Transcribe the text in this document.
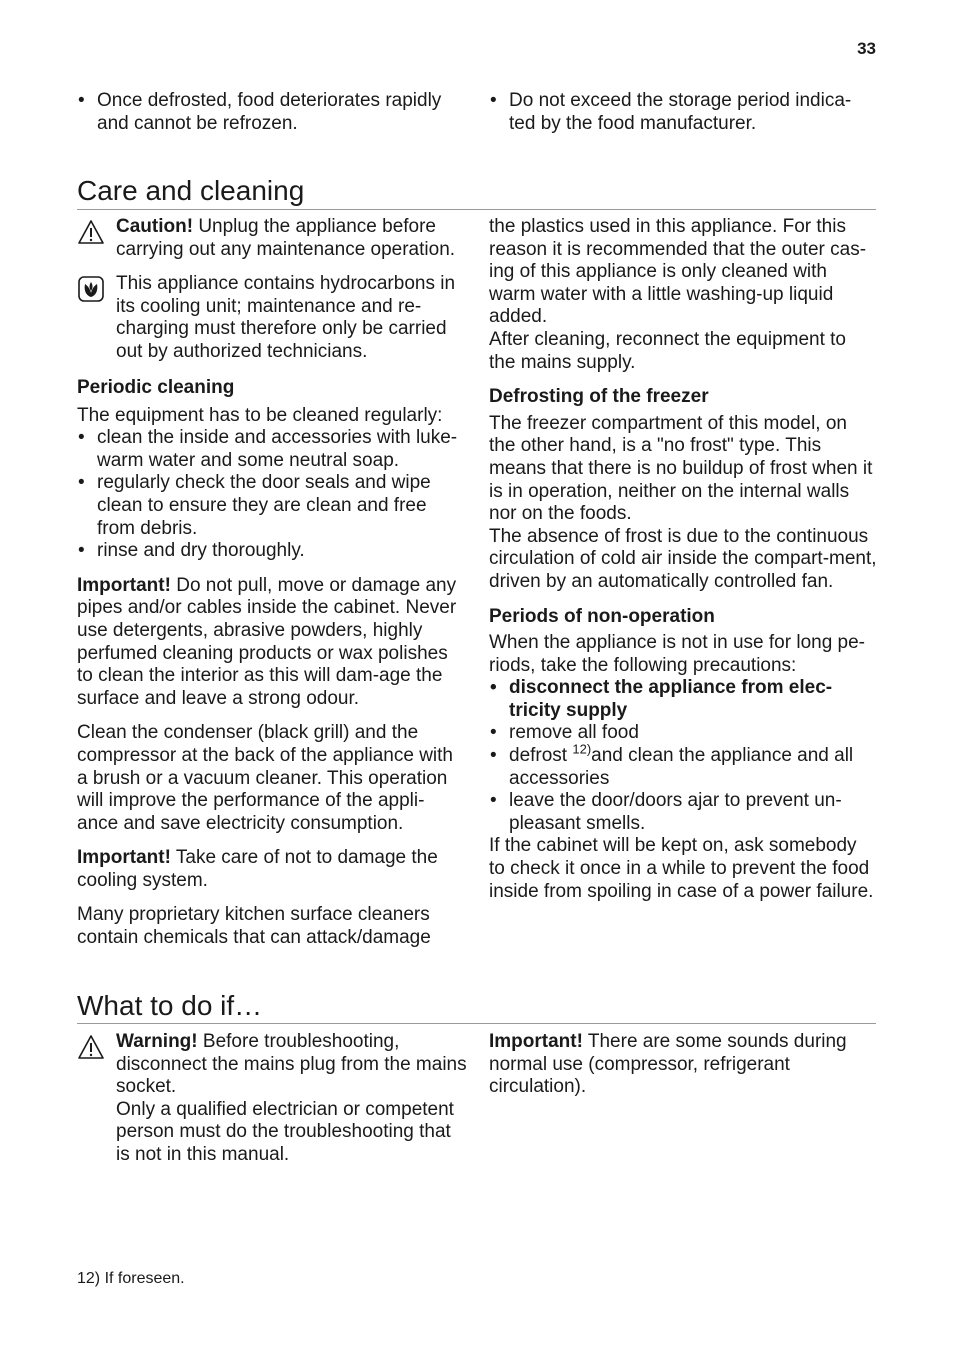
33
• Once defrosted, food deteriorates rapidly and cannot be refrozen.
• Do not exceed the storage period indica-ted by the food manufacturer.
Care and cleaning
Caution! Unplug the appliance before carrying out any maintenance operation.
This appliance contains hydrocarbons in its cooling unit; maintenance and re-charging must therefore only be carried out by authorized technicians.

Periodic cleaning

The equipment has to be cleaned regularly:

• clean the inside and accessories with luke-warm water and some neutral soap.
• regularly check the door seals and wipe clean to ensure they are clean and free from debris.
• rinse and dry thoroughly.

Important! Do not pull, move or damage any pipes and/or cables inside the cabinet. Never use detergents, abrasive powders, highly perfumed cleaning products or wax polishes to clean the interior as this will dam-age the surface and leave a strong odour.

Clean the condenser (black grill) and the compressor at the back of the appliance with a brush or a vacuum cleaner. This operation will improve the performance of the appli-ance and save electricity consumption.

Important! Take care of not to damage the cooling system.

Many proprietary kitchen surface cleaners contain chemicals that can attack/damage

the plastics used in this appliance. For this reason it is recommended that the outer cas-ing of this appliance is only cleaned with warm water with a little washing-up liquid added.

After cleaning, reconnect the equipment to the mains supply.

Defrosting of the freezer

The freezer compartment of this model, on the other hand, is a "no frost" type. This means that there is no buildup of frost when it is in operation, neither on the internal walls nor on the foods.

The absence of frost is due to the continuous circulation of cold air inside the compart-ment, driven by an automatically controlled fan.

Periods of non-operation

When the appliance is not in use for long pe-riods, take the following precautions:

• disconnect the appliance from elec-tricity supply
• remove all food
• defrost $^{12)}$and clean the appliance and all accessories
• leave the door/doors ajar to prevent un-pleasant smells.

If the cabinet will be kept on, ask somebody to check it once in a while to prevent the food inside from spoiling in case of a power failure.

What to do if…

Warning! Before troubleshooting, disconnect the mains plug from the mains socket.

Only a qualified electrician or competent person must do the troubleshooting that is not in this manual.

Important! There are some sounds during normal use (compressor, refrigerant circulation).

12) If foreseen.
